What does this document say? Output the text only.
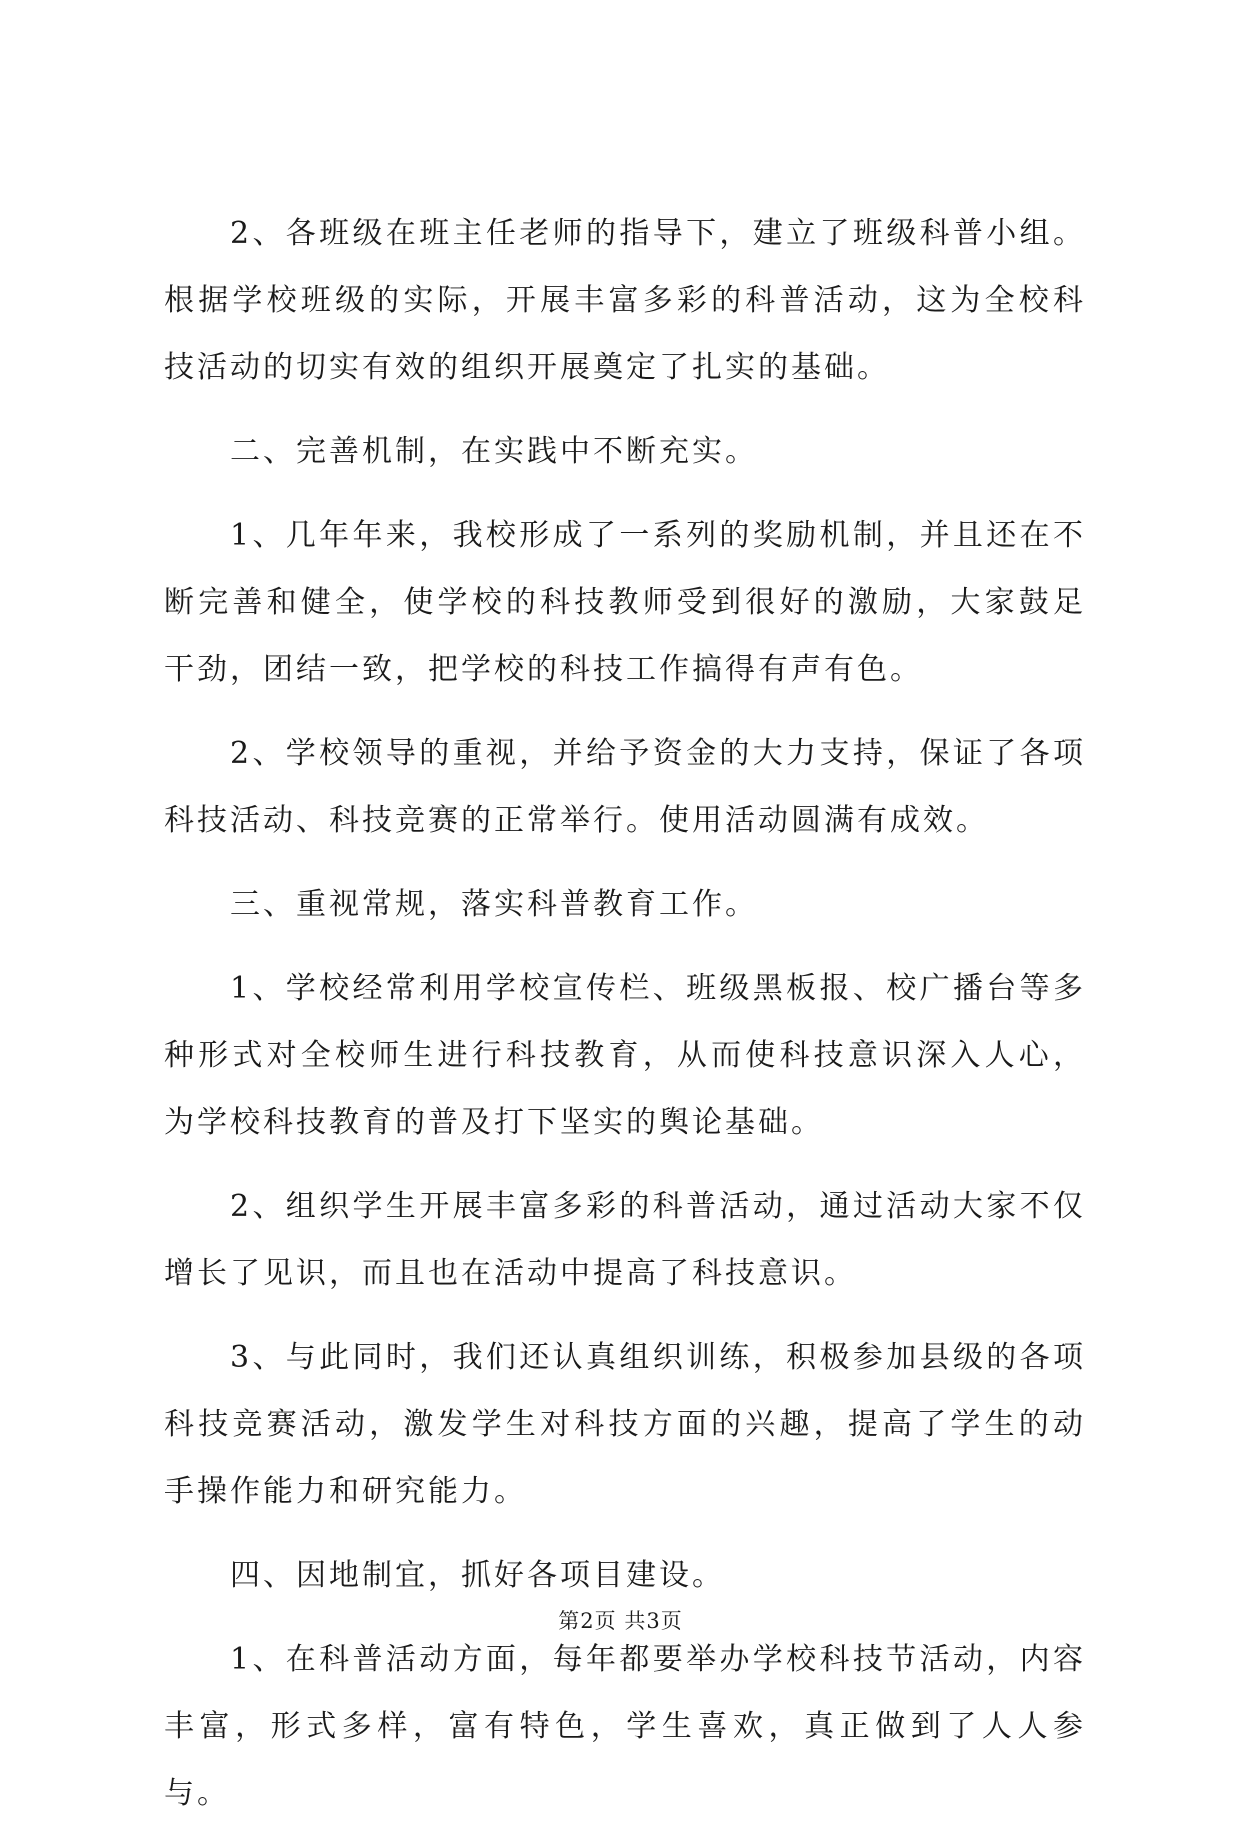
2、各班级在班主任老师的指导下，建立了班级科普小组。根据学校班级的实际，开展丰富多彩的科普活动，这为全校科技活动的切实有效的组织开展奠定了扎实的基础。

二、完善机制，在实践中不断充实。

1、几年年来，我校形成了一系列的奖励机制，并且还在不断完善和健全，使学校的科技教师受到很好的激励，大家鼓足干劲，团结一致，把学校的科技工作搞得有声有色。

2、学校领导的重视，并给予资金的大力支持，保证了各项科技活动、科技竞赛的正常举行。使用活动圆满有成效。

三、重视常规，落实科普教育工作。

1、学校经常利用学校宣传栏、班级黑板报、校广播台等多种形式对全校师生进行科技教育，从而使科技意识深入人心，为学校科技教育的普及打下坚实的舆论基础。

2、组织学生开展丰富多彩的科普活动，通过活动大家不仅增长了见识，而且也在活动中提高了科技意识。

3、与此同时，我们还认真组织训练，积极参加县级的各项科技竞赛活动，激发学生对科技方面的兴趣，提高了学生的动手操作能力和研究能力。

四、因地制宜，抓好各项目建设。

1、在科普活动方面，每年都要举办学校科技节活动，内容丰富，形式多样，富有特色，学生喜欢，真正做到了人人参与。

第2页 共3页
